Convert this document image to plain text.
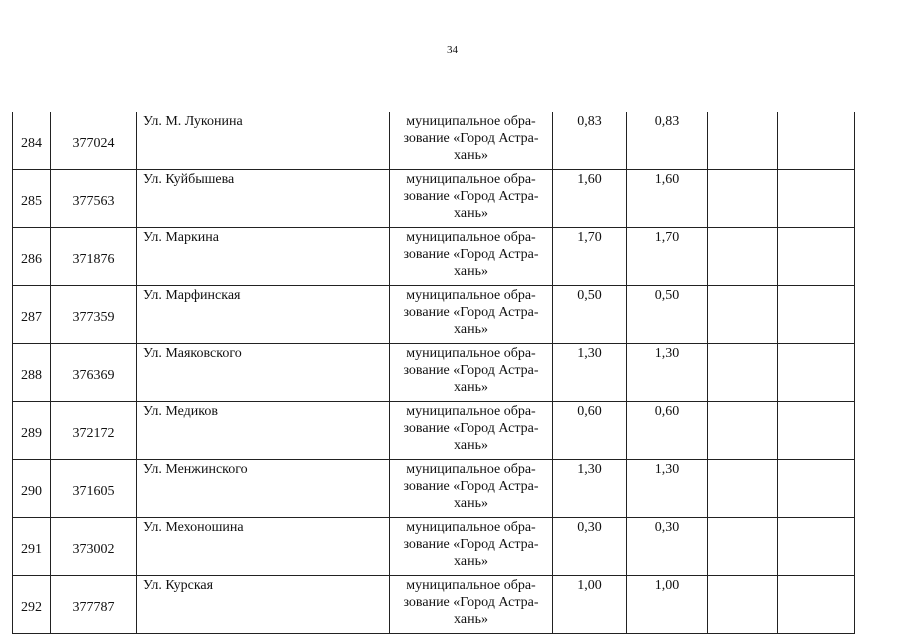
34
284	377024	Ул. М. Луконина	муниципальное обра-
зование «Город Астра-
хань»	0,83	0,83		
285	377563	Ул. Куйбышева	муниципальное обра-
зование «Город Астра-
хань»	1,60	1,60		
286	371876	Ул. Маркина	муниципальное обра-
зование «Город Астра-
хань»	1,70	1,70		
287	377359	Ул. Марфинская	муниципальное обра-
зование «Город Астра-
хань»	0,50	0,50		
288	376369	Ул. Маяковского	муниципальное обра-
зование «Город Астра-
хань»	1,30	1,30		
289	372172	Ул. Медиков	муниципальное обра-
зование «Город Астра-
хань»	0,60	0,60		
290	371605	Ул. Менжинского	муниципальное обра-
зование «Город Астра-
хань»	1,30	1,30		
291	373002	Ул. Мехоношина	муниципальное обра-
зование «Город Астра-
хань»	0,30	0,30		
292	377787	Ул. Курская	муниципальное обра-
зование «Город Астра-
хань»	1,00	1,00		
